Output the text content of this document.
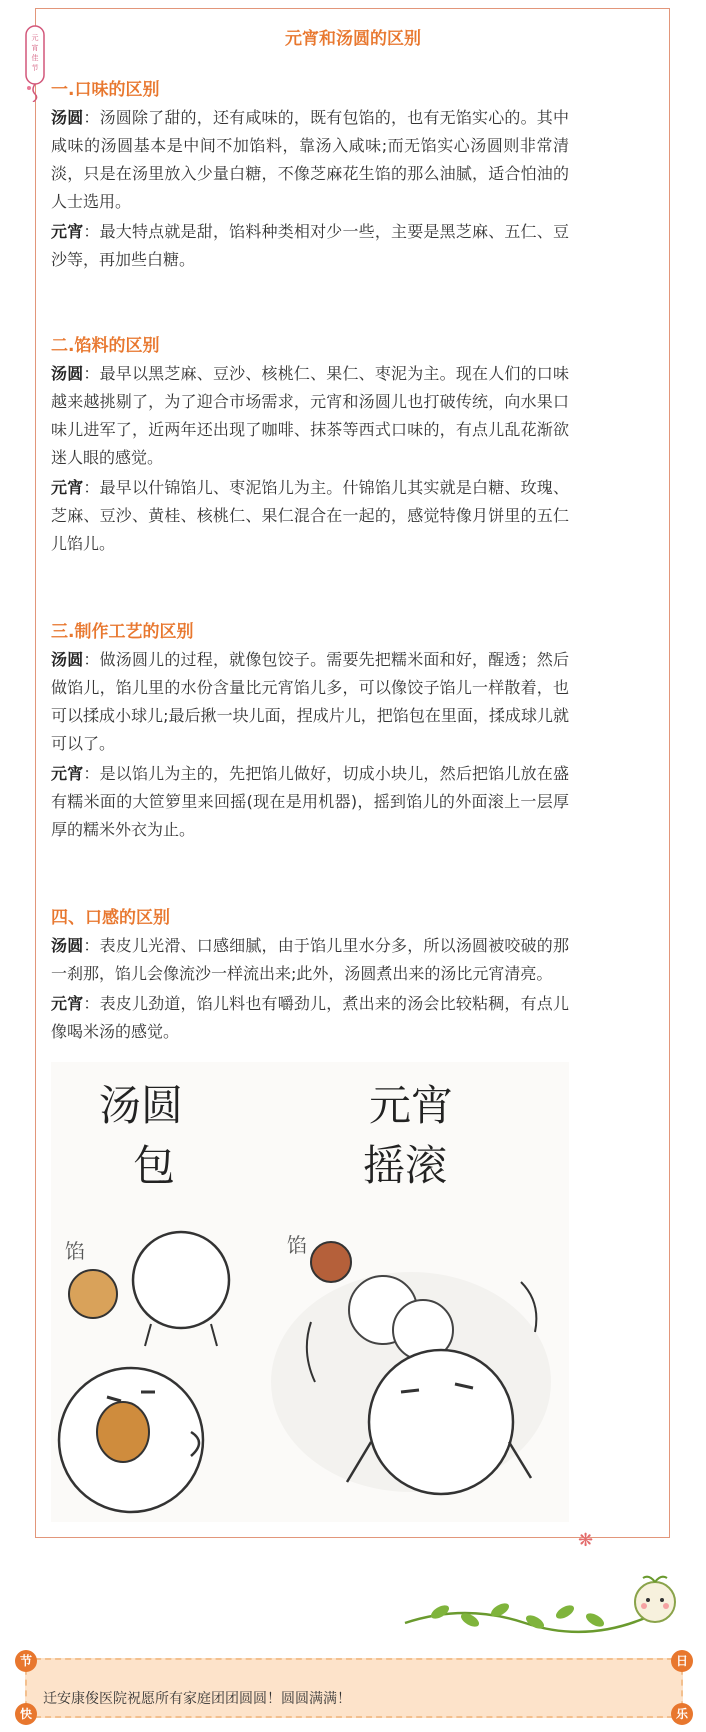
元宵佳节
元宵和汤圆的区别
一.口味的区别

汤圆：汤圆除了甜的，还有咸味的，既有包馅的，也有无馅实心的。其中咸味的汤圆基本是中间不加馅料，靠汤入咸味;而无馅实心汤圆则非常清淡，只是在汤里放入少量白糖，不像芝麻花生馅的那么油腻，适合怕油的人士选用。

元宵：最大特点就是甜，馅料种类相对少一些，主要是黑芝麻、五仁、豆沙等，再加些白糖。

二.馅料的区别

汤圆：最早以黑芝麻、豆沙、核桃仁、果仁、枣泥为主。现在人们的口味越来越挑剔了，为了迎合市场需求，元宵和汤圆儿也打破传统，向水果口味儿进军了，近两年还出现了咖啡、抹茶等西式口味的，有点儿乱花渐欲迷人眼的感觉。

元宵：最早以什锦馅儿、枣泥馅儿为主。什锦馅儿其实就是白糖、玫瑰、芝麻、豆沙、黄桂、核桃仁、果仁混合在一起的，感觉特像月饼里的五仁儿馅儿。

三.制作工艺的区别

汤圆：做汤圆儿的过程，就像包饺子。需要先把糯米面和好，醒透；然后做馅儿，馅儿里的水份含量比元宵馅儿多，可以像饺子馅儿一样散着，也可以揉成小球儿;最后揪一块儿面，捏成片儿，把馅包在里面，揉成球儿就可以了。

元宵：是以馅儿为主的，先把馅儿做好，切成小块儿，然后把馅儿放在盛有糯米面的大笸箩里来回摇(现在是用机器)，摇到馅儿的外面滚上一层厚厚的糯米外衣为止。

四、口感的区别

汤圆：表皮儿光滑、口感细腻，由于馅儿里水分多，所以汤圆被咬破的那一刹那，馅儿会像流沙一样流出来;此外，汤圆煮出来的汤比元宵清亮。

元宵：表皮儿劲道，馅儿料也有嚼劲儿，煮出来的汤会比较粘稠，有点儿像喝米汤的感觉。

汤圆
包
元宵
摇滚
馅	馅
❋
迁安康俊医院祝愿所有家庭团团圆圆！圆圆满满！
节	日
快	乐
